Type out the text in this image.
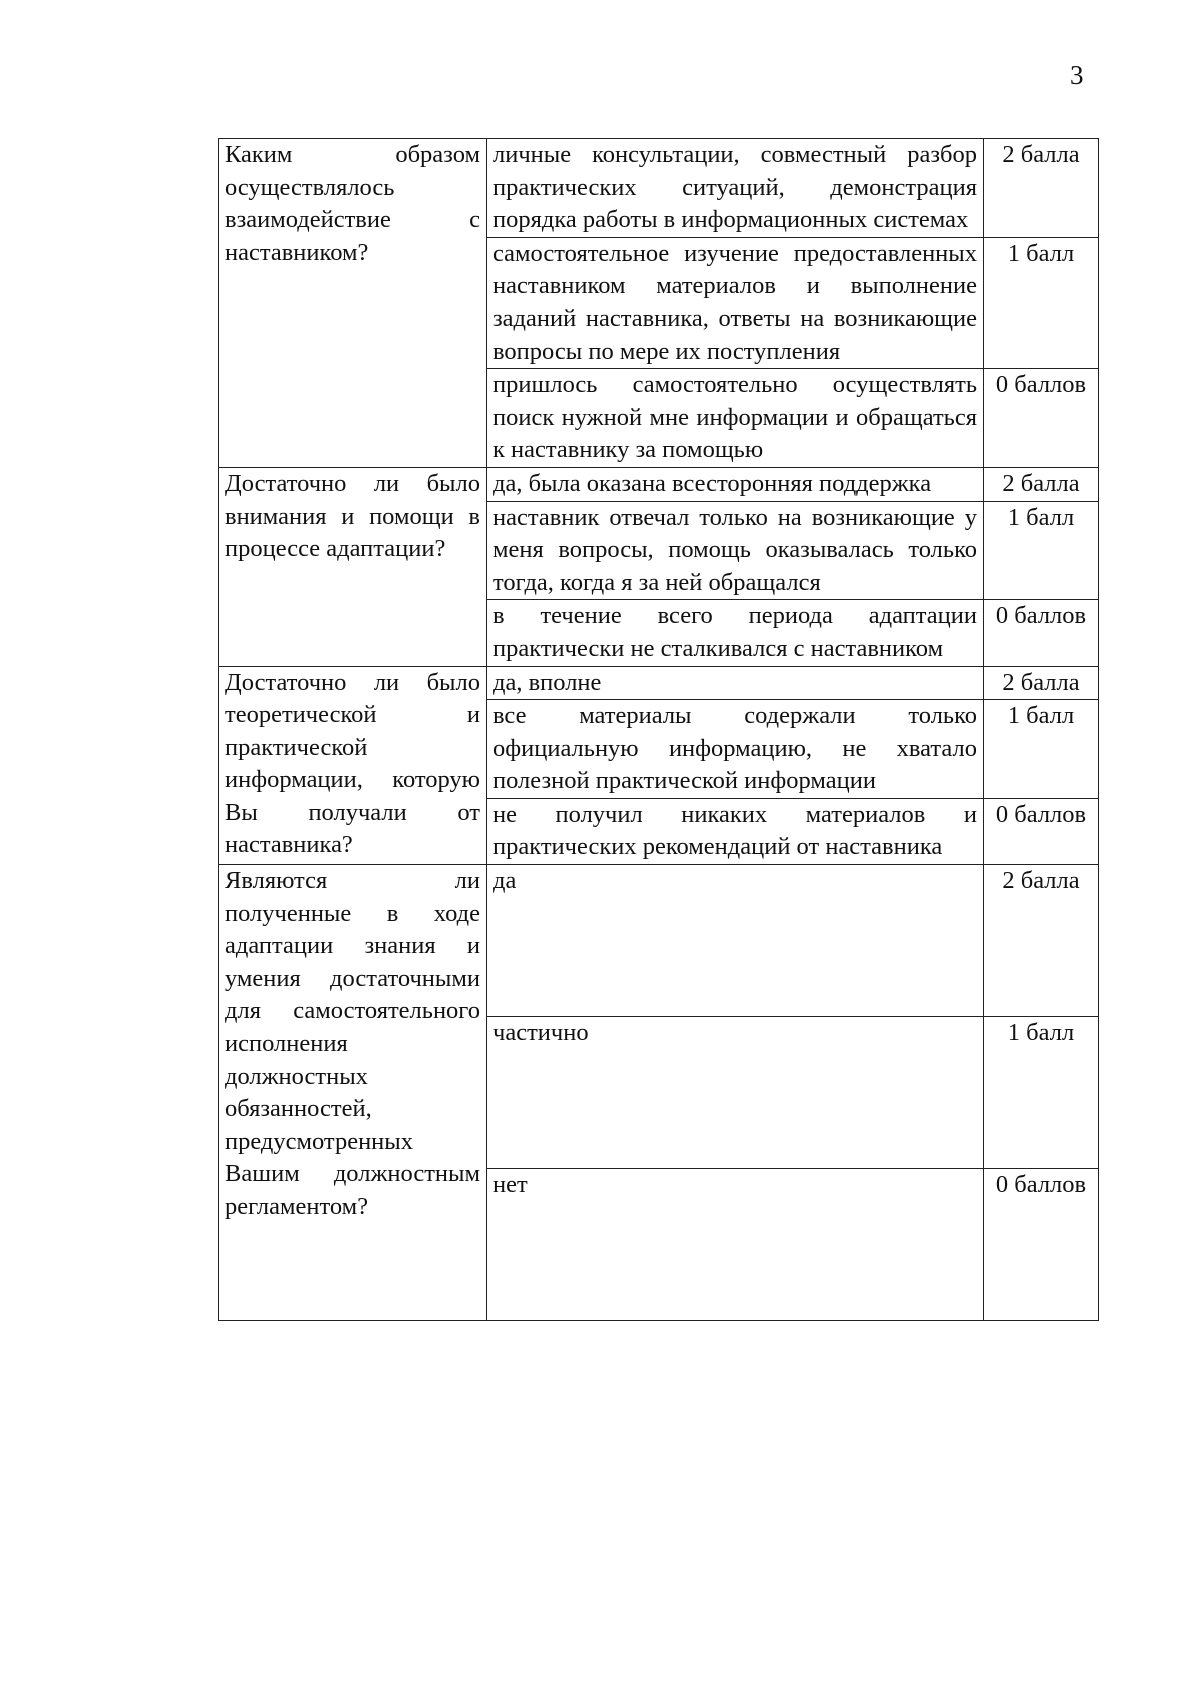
3
Каким образом осуществлялось взаимодействие с наставником?	личные консультации, совместный разбор практических ситуаций, демонстрация порядка работы в информационных системах	2 балла
	самостоятельное изучение предоставленных наставником материалов и выполнение заданий наставника, ответы на возникающие вопросы по мере их поступления	1 балл
	пришлось самостоятельно осуществлять поиск нужной мне информации и обращаться к наставнику за помощью	0 баллов
Достаточно ли было внимания и помощи в процессе адаптации?	да, была оказана всесторонняя поддержка	2 балла
	наставник отвечал только на возникающие у меня вопросы, помощь оказывалась только тогда, когда я за ней обращался	1 балл
	в течение всего периода адаптации практически не сталкивался с наставником	0 баллов
Достаточно ли было теоретической и практической информации, которую Вы получали от наставника?	да, вполне	2 балла
	все материалы содержали только официальную информацию, не хватало полезной практической информации	1 балл
	не получил никаких материалов и практических рекомендаций от наставника	0 баллов
Являются ли полученные в ходе адаптации знания и умения достаточными для самостоятельного исполнения должностных обязанностей, предусмотренных Вашим должностным регламентом?	да	2 балла
	частично	1 балл
	нет	0 баллов
